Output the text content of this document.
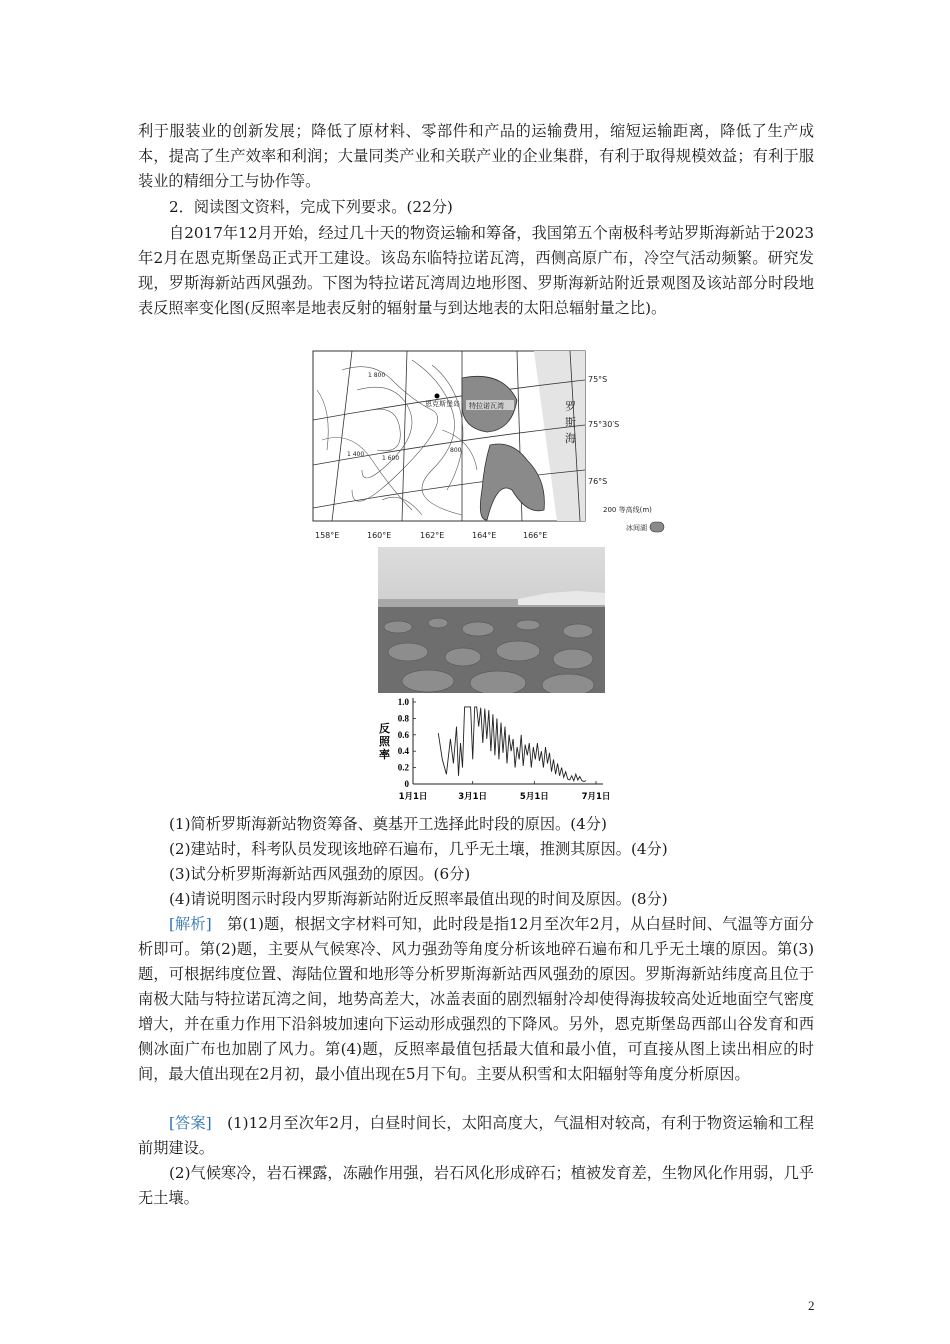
利于服装业的创新发展；降低了原材料、零部件和产品的运输费用，缩短运输距离，降低了生产成本，提高了生产效率和利润；大量同类产业和关联产业的企业集群，有利于取得规模效益；有利于服装业的精细分工与协作等。

2．阅读图文资料，完成下列要求。(22分)

自2017年12月开始，经过几十天的物资运输和筹备，我国第五个南极科考站罗斯海新站于2023年2月在恩克斯堡岛正式开工建设。该岛东临特拉诺瓦湾，西侧高原广布，冷空气活动频繁。研究发现，罗斯海新站西风强劲。下图为特拉诺瓦湾周边地形图、罗斯海新站附近景观图及该站部分时段地表反照率变化图(反照率是地表反射的辐射量与到达地表的太阳总辐射量之比)。

恩克斯堡岛 特拉诺瓦湾	罗
斯
海
75°S
75°30′S
76°S
1 800
1 400
1 600
800
200 等高线(m)
冰间湖
158°E	160°E	162°E	164°E	166°E
1.0
0.8
0.6
0.4
0.2
0
1月1日	3月1日	5月1日	7月1日
反
照
率

(1)简析罗斯海新站物资筹备、奠基开工选择此时段的原因。(4分)

(2)建站时，科考队员发现该地碎石遍布，几乎无土壤，推测其原因。(4分)

(3)试分析罗斯海新站西风强劲的原因。(6分)

(4)请说明图示时段内罗斯海新站附近反照率最值出现的时间及原因。(8分)

[解析]　第(1)题，根据文字材料可知，此时段是指12月至次年2月，从白昼时间、气温等方面分析即可。第(2)题，主要从气候寒冷、风力强劲等角度分析该地碎石遍布和几乎无土壤的原因。第(3)题，可根据纬度位置、海陆位置和地形等分析罗斯海新站西风强劲的原因。罗斯海新站纬度高且位于南极大陆与特拉诺瓦湾之间，地势高差大，冰盖表面的剧烈辐射冷却使得海拔较高处近地面空气密度增大，并在重力作用下沿斜坡加速向下运动形成强烈的下降风。另外，恩克斯堡岛西部山谷发育和西侧冰面广布也加剧了风力。第(4)题，反照率最值包括最大值和最小值，可直接从图上读出相应的时间，最大值出现在2月初，最小值出现在5月下旬。主要从积雪和太阳辐射等角度分析原因。

[答案]　(1)12月至次年2月，白昼时间长，太阳高度大，气温相对较高，有利于物资运输和工程前期建设。

(2)气候寒冷，岩石裸露，冻融作用强，岩石风化形成碎石；植被发育差，生物风化作用弱，几乎无土壤。

2
